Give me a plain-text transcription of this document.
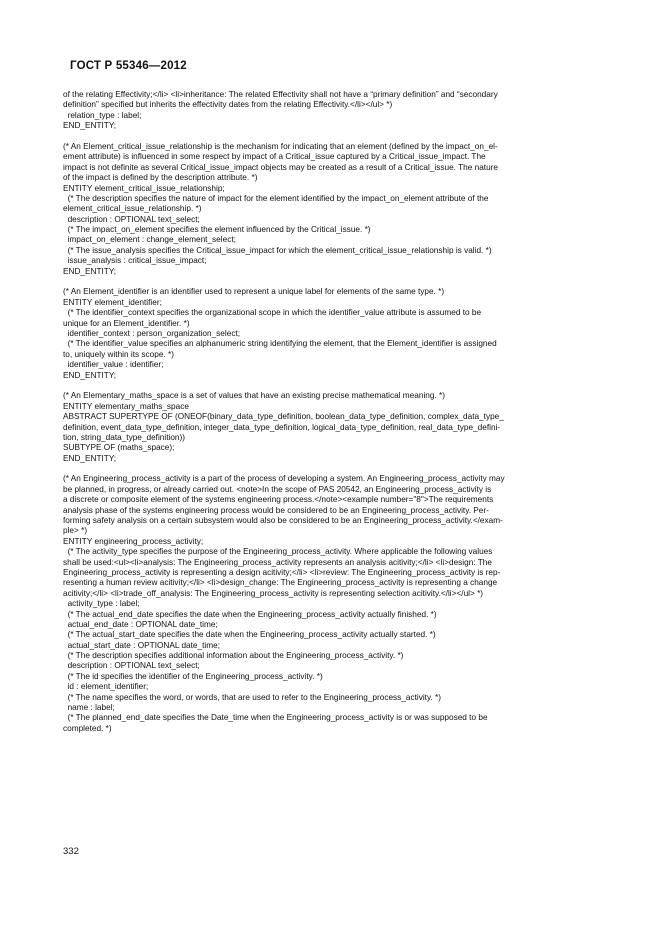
ГОСТ Р 55346—2012
of the relating Effectivity;</li> <li>inheritance: The related Effectivity shall not have a “primary definition” and “secondary
definition” specified but inherits the effectivity dates from the relating Effectivity.</li></ul> *)
relation_type : label;
END_ENTITY;
(* An Element_critical_issue_relationship is the mechanism for indicating that an element (defined by the impact_on_el-
ement attribute) is influenced in some respect by impact of a Critical_issue captured by a Critical_issue_impact. The
impact is not definite as several Critical_issue_impact objects may be created as a result of a Critical_issue. The nature
of the impact is defined by the description attribute. *)
ENTITY element_critical_issue_relationship;
(* The description specifies the nature of impact for the element identified by the impact_on_element attribute of the
element_critical_issue_relationship. *)
description : OPTIONAL text_select;
(* The impact_on_element specifies the element influenced by the Critical_issue. *)
impact_on_element : change_element_select;
(* The issue_analysis specifies the Critical_issue_impact for which the element_critical_issue_relationship is valid. *)
issue_analysis : critical_issue_impact;
END_ENTITY;
(* An Element_identifier is an identifier used to represent a unique label for elements of the same type. *)
ENTITY element_identifier;
(* The identifier_context specifies the organizational scope in which the identifier_value attribute is assumed to be
unique for an Element_identifier. *)
identifier_context : person_organization_select;
(* The identifier_value specifies an alphanumeric string identifying the element, that the Element_identifier is assigned
to, uniquely within its scope. *)
identifier_value : identifier;
END_ENTITY;
(* An Elementary_maths_space is a set of values that have an existing precise mathematical meaning. *)
ENTITY elementary_maths_space
ABSTRACT SUPERTYPE OF (ONEOF(binary_data_type_definition, boolean_data_type_definition, complex_data_type_
definition, event_data_type_definition, integer_data_type_definition, logical_data_type_definition, real_data_type_defini-
tion, string_data_type_definition))
SUBTYPE OF (maths_space);
END_ENTITY;
(* An Engineering_process_activity is a part of the process of developing a system. An Engineering_process_activity may
be planned, in progress, or already carried out. <note>In the scope of PAS 20542, an Engineering_process_activity is
a discrete or composite element of the systems engineering process.</note><example number="8">The requirements
analysis phase of the systems engineering process would be considered to be an Engineering_process_activity. Per-
forming safety analysis on a certain subsystem would also be considered to be an Engineering_process_activity.</exam-
ple> *)
ENTITY engineering_process_activity;
(* The activity_type specifies the purpose of the Engineering_process_activity. Where applicable the following values
shall be used:<ul><li>analysis: The Engineering_process_activity represents an analysis acitivity;</li> <li>design: The
Engineering_process_activity is representing a design acitivity;</li> <li>review: The Engineering_process_activity is rep-
resenting a human review acitivity;</li> <li>design_change: The Engineering_process_activity is representing a change
acitivity;</li> <li>trade_off_analysis: The Engineering_process_activity is representing selection acitivity.</li></ul> *)
activity_type : label;
(* The actual_end_date specifies the date when the Engineering_process_activity actually finished. *)
actual_end_date : OPTIONAL date_time;
(* The actual_start_date specifies the date when the Engineering_process_activity actually started. *)
actual_start_date : OPTIONAL date_time;
(* The description specifies additional information about the Engineering_process_activity. *)
description : OPTIONAL text_select;
(* The id specifies the identifier of the Engineering_process_activity. *)
id : element_identifier;
(* The name specifies the word, or words, that are used to refer to the Engineering_process_activity. *)
name : label;
(* The planned_end_date specifies the Date_time when the Engineering_process_activity is or was supposed to be
completed. *)
332
